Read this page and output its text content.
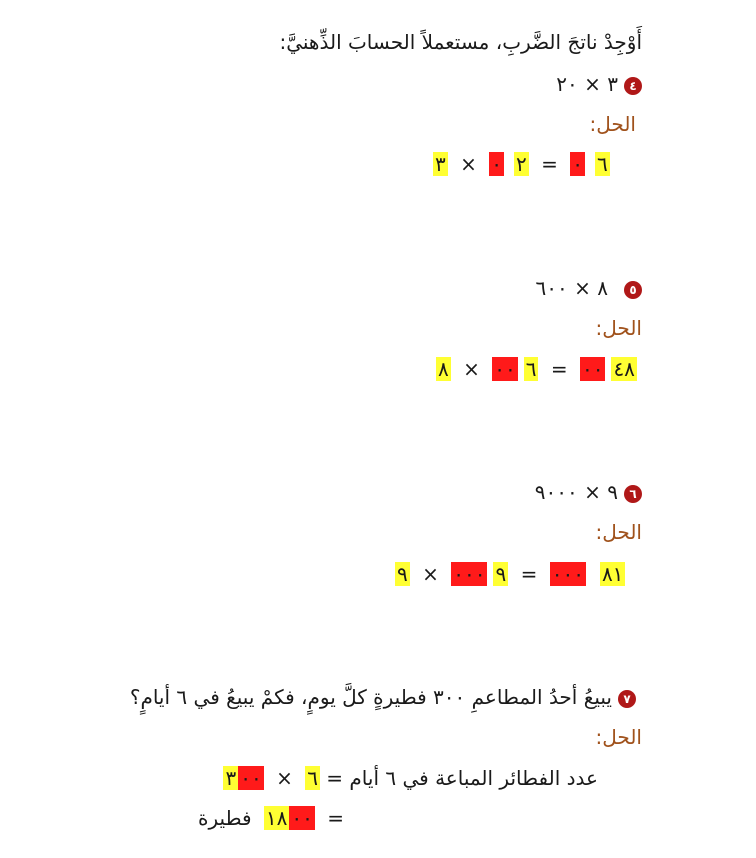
أَوْجِدْ ناتجَ الضَّربِ، مستعملاً الحسابَ الذِّهنيَّ:
٤٣ × ٢٠
الحل:
٦٠ = ٢٠ × ٣
٥٨ × ٦٠٠
الحل:
٤٨٠٠ = ٦٠٠ × ٨
٦٩ × ٩٠٠٠
الحل:
٨١٠٠٠ = ٩٠٠٠ × ٩
٧يبيعُ أحدُ المطاعمِ ٣٠٠ فطيرةٍ كلَّ يومٍ، فكمْ يبيعُ في ٦ أيامٍ؟
الحل:
عدد الفطائر المباعة في ٦ أيام = ٦ × ٣ ٠٠
= ١٨ ٠٠ فطيرة
